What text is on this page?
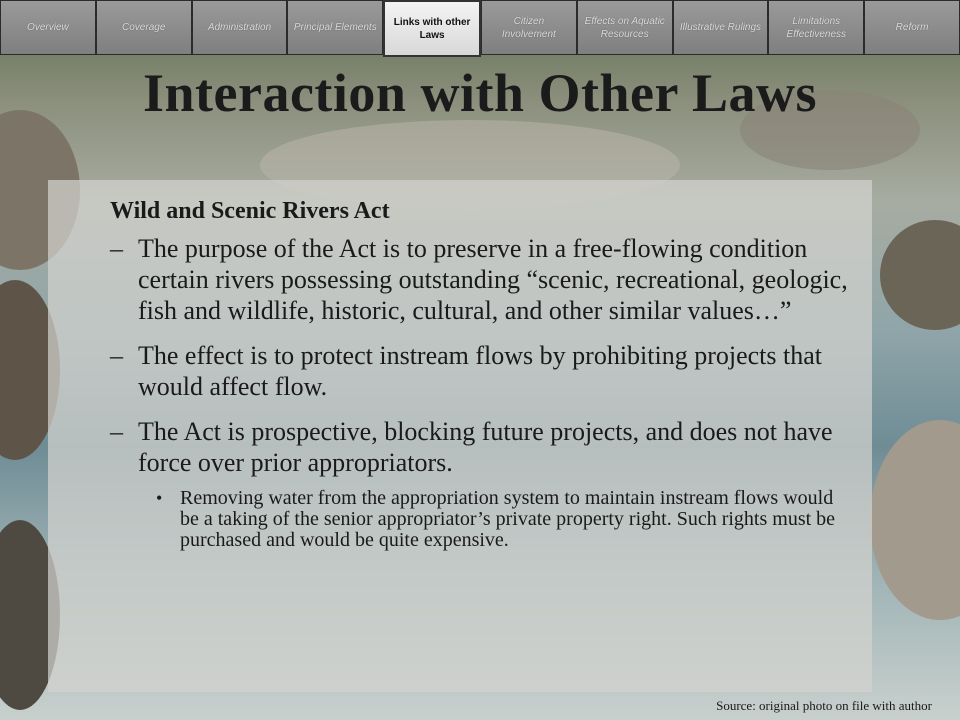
Overview	Coverage	Administration	Principal Elements	Links with other Laws
Citizen Involvement
Effects on Aquatic Resources
Illustrative Rulings
Limitations Effectiveness
Reform
Interaction with Other Laws
Wild and Scenic Rivers Act
– The purpose of the Act is to preserve in a free-flowing condition certain rivers possessing outstanding “scenic, recreational, geologic, fish and wildlife, historic, cultural, and other similar values…”
– The effect is to protect instream flows by prohibiting projects that would affect flow.
– The Act is prospective, blocking future projects, and does not have force over prior appropriators.
• Removing water from the appropriation system to maintain instream flows would be a taking of the senior appropriator’s private property right. Such rights must be purchased and would be quite expensive.
Source: original photo on file with author
